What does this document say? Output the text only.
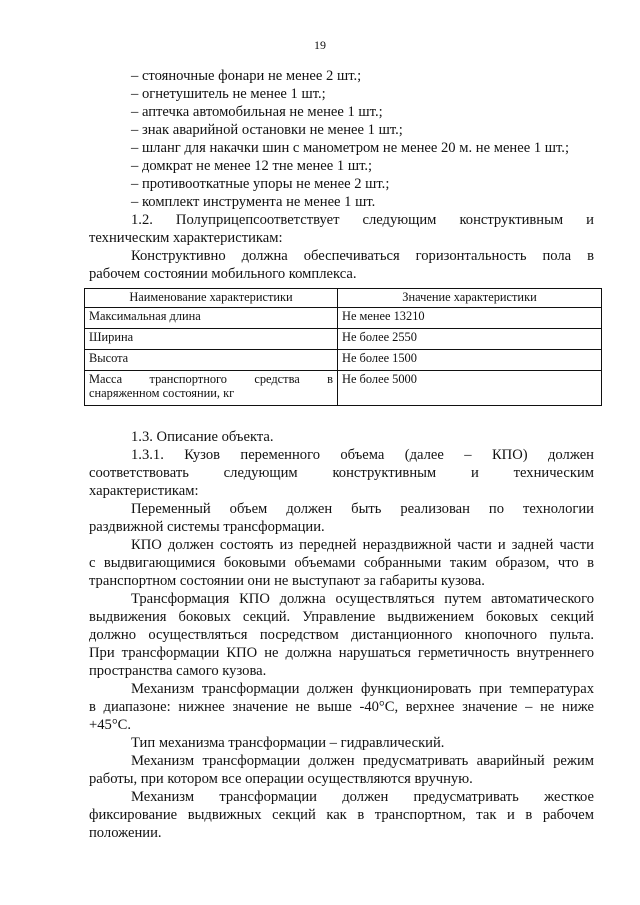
19
– стояночные фонари не менее 2 шт.;
– огнетушитель не менее 1 шт.;
– аптечка автомобильная не менее 1 шт.;
– знак аварийной остановки не менее 1 шт.;
– шланг для накачки шин с манометром не менее 20 м. не менее 1 шт.;
– домкрат не менее 12 тне менее 1 шт.;
– противооткатные упоры не менее 2 шт.;
– комплект инструмента не менее 1 шт.
1.2. Полуприцепсоответствует следующим конструктивным и
техническим характеристикам:
Конструктивно должна обеспечиваться горизонтальность пола в
рабочем состоянии мобильного комплекса.
Наименование характеристики	Значение характеристики
Максимальная длина	Не менее 13210
Ширина	Не более 2550
Высота	Не более 1500
Масса транспортного средства в снаряженном состоянии, кг	Не более 5000
1.3. Описание объекта.
1.3.1. Кузов переменного объема (далее – КПО) должен
соответствовать следующим конструктивным и техническим
характеристикам:
Переменный объем должен быть реализован по технологии
раздвижной системы трансформации.
КПО должен состоять из передней нераздвижной части и задней части
с выдвигающимися боковыми объемами собранными таким образом, что в
транспортном состоянии они не выступают за габариты кузова.
Трансформация КПО должна осуществляться путем автоматического
выдвижения боковых секций. Управление выдвижением боковых секций
должно осуществляться посредством дистанционного кнопочного пульта.
При трансформации КПО не должна нарушаться герметичность внутреннего
пространства самого кузова.
Механизм трансформации должен функционировать при температурах
в диапазоне: нижнее значение не выше -40°С, верхнее значение – не ниже
+45°С.
Тип механизма трансформации – гидравлический.
Механизм трансформации должен предусматривать аварийный режим
работы, при котором все операции осуществляются вручную.
Механизм трансформации должен предусматривать жесткое
фиксирование выдвижных секций как в транспортном, так и в рабочем
положении.
